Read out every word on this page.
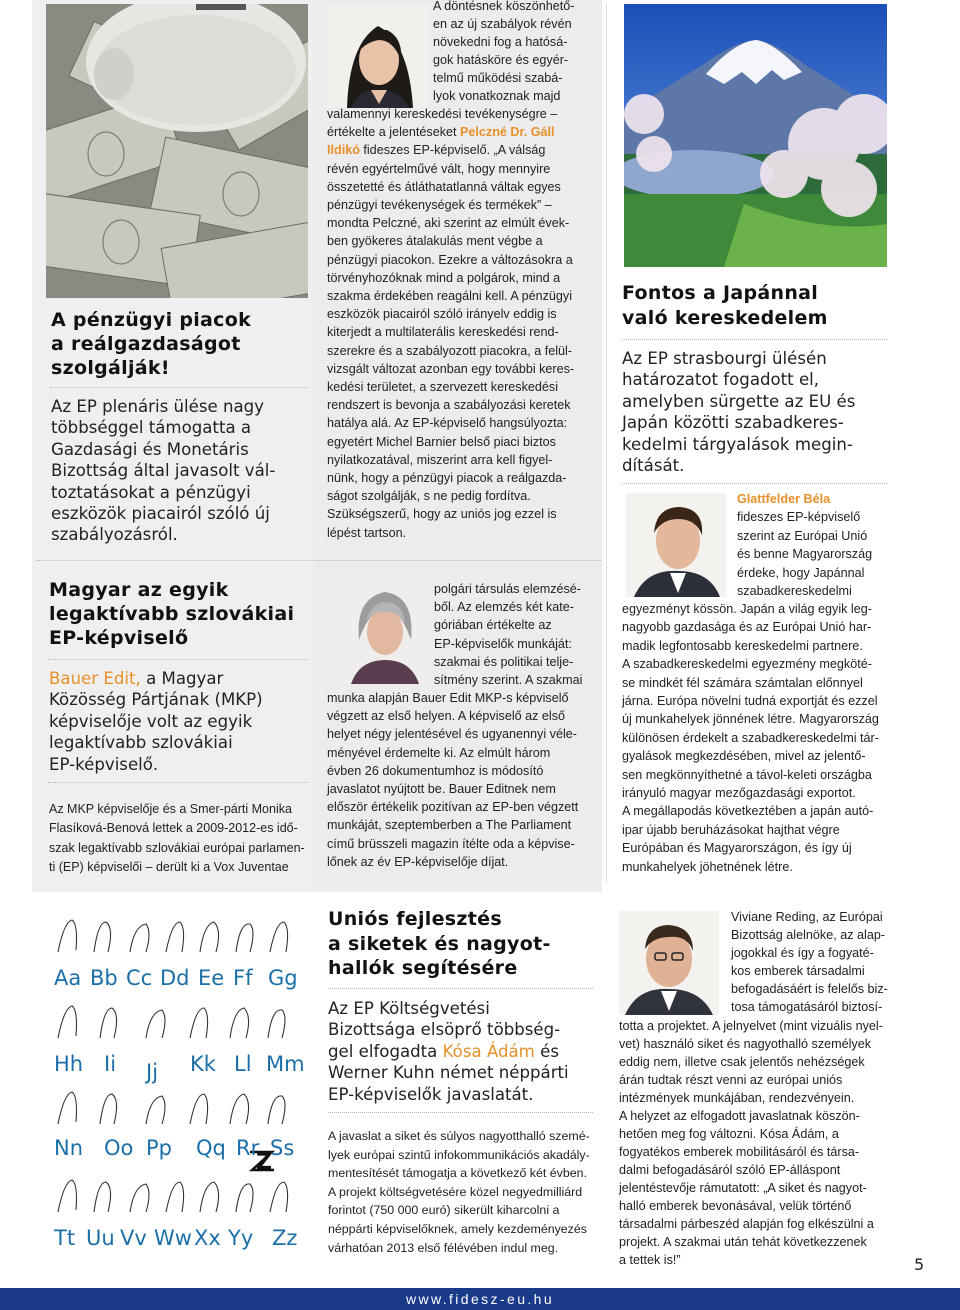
A pénzügyi piacok
a reálgazdaságot
szolgálják!
Az EP plenáris ülése nagy
többséggel támogatta a
Gazdasági és Monetáris
Bizottság által javasolt vál-
toztatásokat a pénzügyi
eszközök piacairól szóló új
szabályozásról.
Magyar az egyik
legaktívabb szlovákiai
EP-képviselő
Bauer Edit, a Magyar
Közösség Pártjának (MKP)
képviselője volt az egyik
legaktívabb szlovákiai
EP-képviselő.
Az MKP képviselője és a Smer-párti Monika
Flasíková-Benová lettek a 2009-2012-es idő-
szak legaktívabb szlovákiai európai parlamen-
ti (EP) képviselői – derült ki a Vox Juventae
A döntésnek köszönhető-
en az új szabályok révén
növekedni fog a hatósá-
gok hatásköre és egyér-
telmű működési szabá-
lyok vonatkoznak majd
valamennyi kereskedési tevékenységre –
értékelte a jelentéseket Pelczné Dr. Gáll
Ildikó fideszes EP-képviselő. „A válság
révén egyértelművé vált, hogy mennyire
összetetté és átláthatatlanná váltak egyes
pénzügyi tevékenységek és termékek” –
mondta Pelczné, aki szerint az elmúlt évek-
ben gyökeres átalakulás ment végbe a
pénzügyi piacokon. Ezekre a változásokra a
törvényhozóknak mind a polgárok, mind a
szakma érdekében reagálni kell. A pénzügyi
eszközök piacairól szóló irányelv eddig is
kiterjedt a multilaterális kereskedési rend-
szerekre és a szabályozott piacokra, a felül-
vizsgált változat azonban egy további keres-
kedési területet, a szervezett kereskedési
rendszert is bevonja a szabályozási keretek
hatálya alá. Az EP-képviselő hangsúlyozta:
egyetért Michel Barnier belső piaci biztos
nyilatkozatával, miszerint arra kell figyel-
nünk, hogy a pénzügyi piacok a reálgazda-
ságot szolgálják, s ne pedig fordítva.
Szükségszerű, hogy az uniós jog ezzel is
lépést tartson.
polgári társulás elemzésé-
ből. Az elemzés két kate-
góriában értékelte az
EP-képviselők munkáját:
szakmai és politikai telje-
sítmény szerint. A szakmai
munka alapján Bauer Edit MKP-s képviselő
végzett az első helyen. A képviselő az első
helyet négy jelentésével és ugyanennyi véle-
ményével érdemelte ki. Az elmúlt három
évben 26 dokumentumhoz is módosító
javaslatot nyújtott be. Bauer Editnek nem
először értékelik pozitívan az EP-ben végzett
munkáját, szeptemberben a The Parliament
című brüsszeli magazin ítélte oda a képvise-
lőnek az év EP-képviselője díjat.
Fontos a Japánnal
való kereskedelem
Az EP strasbourgi ülésén
határozatot fogadott el,
amelyben sürgette az EU és
Japán közötti szabadkeres-
kedelmi tárgyalások megin-
dítását.
Glattfelder Béla
fideszes EP-képviselő
szerint az Európai Unió
és benne Magyarország
érdeke, hogy Japánnal
szabadkereskedelmi
egyezményt kössön. Japán a világ egyik leg-
nagyobb gazdasága és az Európai Unió har-
madik legfontosabb kereskedelmi partnere.
A szabadkereskedelmi egyezmény megköté-
se mindkét fél számára számtalan előnnyel
járna. Európa növelni tudná exportját és ezzel
új munkahelyek jönnének létre. Magyarország
különösen érdekelt a szabadkereskedelmi tár-
gyalások megkezdésében, mivel az jelentő-
sen megkönnyíthetné a távol-keleti országba
irányuló magyar mezőgazdasági exportot.
A megállapodás következtében a japán autó-
ipar újabb beruházásokat hajthat végre
Európában és Magyarországon, és így új
munkahelyek jöhetnének létre.
Aa Bb Cc Dd Ee Ff Gg
Hh Ii Jj Kk Ll Mm
Nn Oo Pp Qq Rr Ss
Tt Uu Vv Ww Xx Yy Zz
Z
Uniós fejlesztés
a siketek és nagyot-
hallók segítésére
Az EP Költségvetési
Bizottsága elsöprő többség-
gel elfogadta Kósa Ádám és
Werner Kuhn német néppárti
EP-képviselők javaslatát.
A javaslat a siket és súlyos nagyotthalló szemé-
lyek európai szintű infokommunikációs akadály-
mentesítését támogatja a következő két évben.
A projekt költségvetésére közel negyedmilliárd
forintot (750 000 euró) sikerült kiharcolni a
néppárti képviselőknek, amely kezdeményezés
várhatóan 2013 első félévében indul meg.
Viviane Reding, az Európai
Bizottság alelnöke, az alap-
jogokkal és így a fogyaté-
kos emberek társadalmi
befogadásáért is felelős biz-
tosa támogatásáról biztosí-
totta a projektet. A jelnyelvet (mint vizuális nyel-
vet) használó siket és nagyothalló személyek
eddig nem, illetve csak jelentős nehézségek
árán tudtak részt venni az európai uniós
intézmények munkájában, rendezvényein.
A helyzet az elfogadott javaslatnak köszön-
hetően meg fog változni. Kósa Ádám, a
fogyatékos emberek mobilitásáról és társa-
dalmi befogadásáról szóló EP-álláspont
jelentéstevője rámutatott: „A siket és nagyot-
halló emberek bevonásával, velük történő
társadalmi párbeszéd alapján fog elkészülni a
projekt. A szakmai után tehát következzenek
a tettek is!”	5
www.fidesz-eu.hu
